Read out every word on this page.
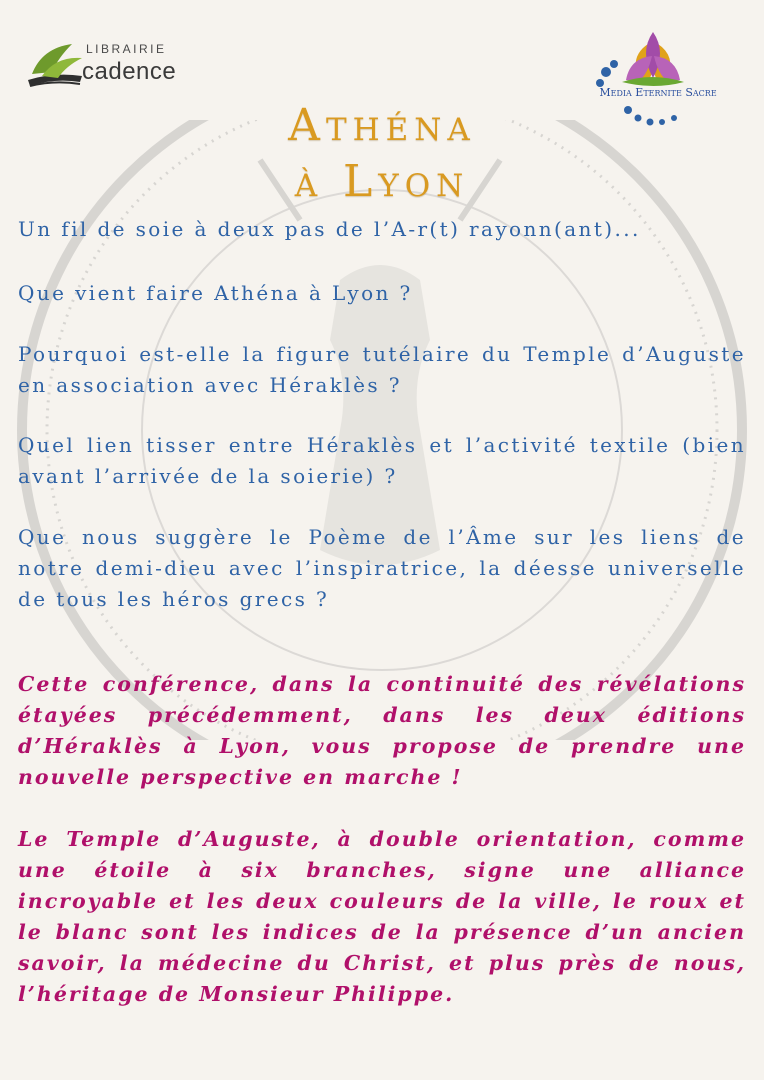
LIBRAIRIE
cadence
Media Eternite Sacre
Athéna
à Lyon
Un fil de soie à deux pas de l’A-r(t) rayonn(ant)...
Que vient faire Athéna à Lyon ?
Pourquoi est-elle la figure tutélaire du Temple d’Auguste en association avec Héraklès ?
Quel lien tisser entre Héraklès et l’activité textile (bien avant l’arrivée de la soierie) ?
Que nous suggère le Poème de l’Âme sur les liens de notre demi-dieu avec l’inspiratrice, la déesse universelle de tous les héros grecs ?
Cette conférence, dans la continuité des révélations étayées précédemment, dans les deux éditions d’Héraklès à Lyon, vous propose de prendre une nouvelle perspective en marche !
Le Temple d’Auguste, à double orientation, comme une étoile à six branches, signe une alliance incroyable et les deux couleurs de la ville, le roux et le blanc sont les indices de la présence d’un ancien savoir, la médecine du Christ, et plus près de nous, l’héritage de Monsieur Philippe.
